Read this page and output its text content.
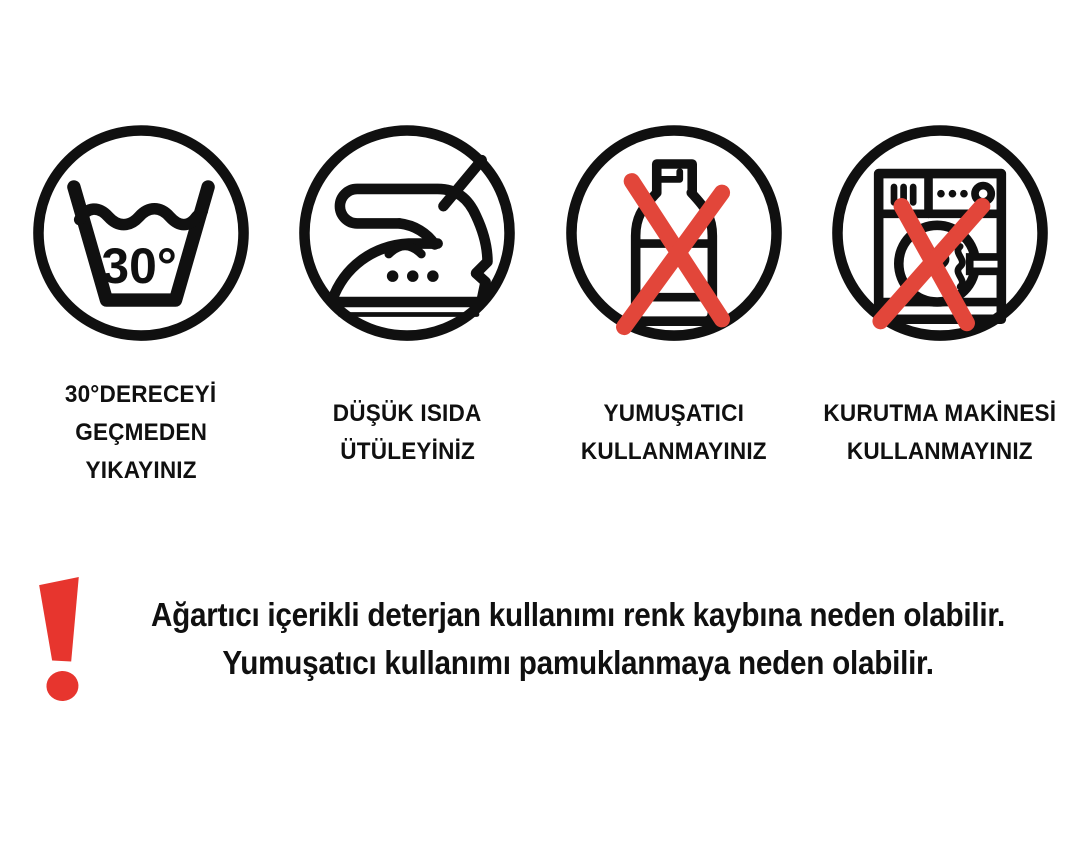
30°
30°DERECEYİ
GEÇMEDEN
YIKAYINIZ
DÜŞÜK ISIDA
ÜTÜLEYİNİZ
YUMUŞATICI
KULLANMAYINIZ
KURUTMA MAKİNESİ
KULLANMAYINIZ
Ağartıcı içerikli deterjan kullanımı renk kaybına neden olabilir.
Yumuşatıcı kullanımı pamuklanmaya neden olabilir.
